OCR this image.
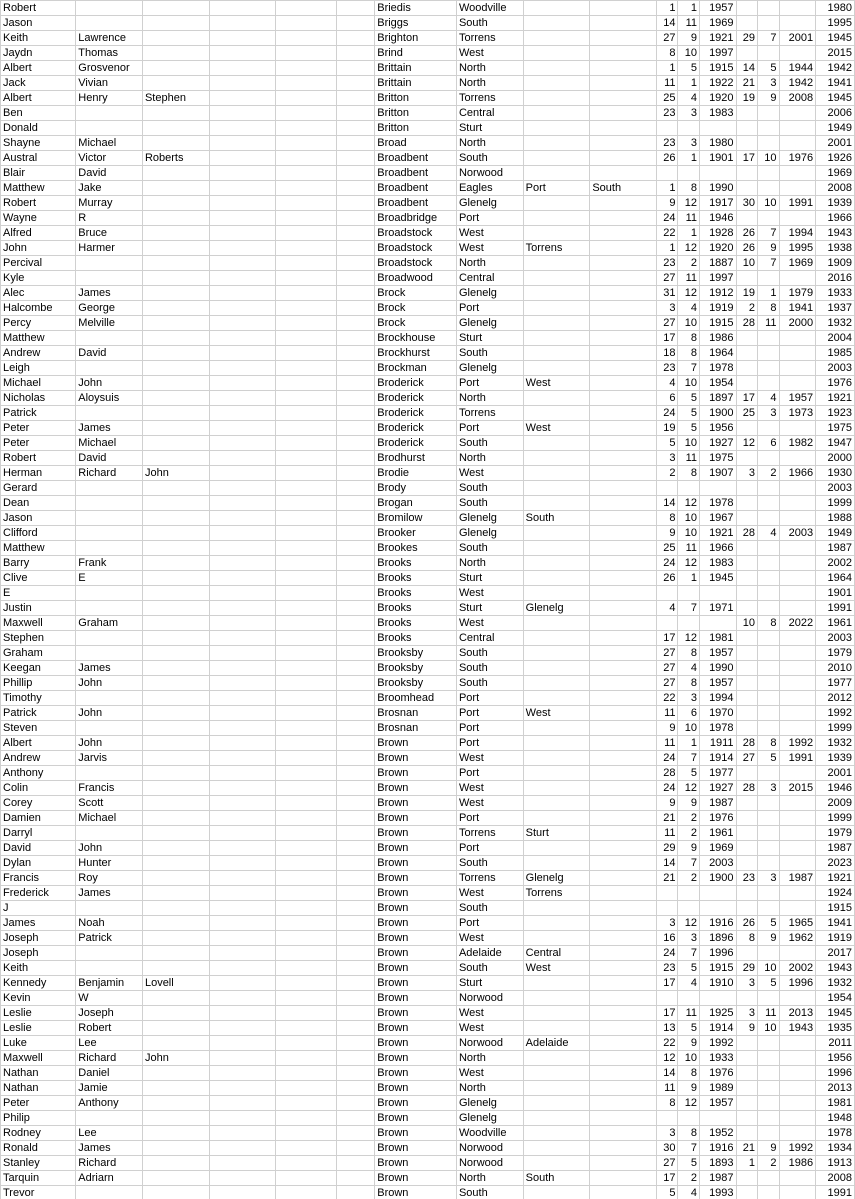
Robert						Briedis	Woodville			1	1	1957				1980
Jason						Briggs	South			14	11	1969				1995
Keith	Lawrence					Brighton	Torrens			27	9	1921	29	7	2001	1945
Jaydn	Thomas					Brind	West			8	10	1997				2015
Albert	Grosvenor					Brittain	North			1	5	1915	14	5	1944	1942
Jack	Vivian					Brittain	North			11	1	1922	21	3	1942	1941
Albert	Henry	Stephen				Britton	Torrens			25	4	1920	19	9	2008	1945
Ben						Britton	Central			23	3	1983				2006
Donald						Britton	Sturt									1949
Shayne	Michael					Broad	North			23	3	1980				2001
Austral	Victor	Roberts				Broadbent	South			26	1	1901	17	10	1976	1926
Blair	David					Broadbent	Norwood									1969
Matthew	Jake					Broadbent	Eagles	Port	South	1	8	1990				2008
Robert	Murray					Broadbent	Glenelg			9	12	1917	30	10	1991	1939
Wayne	R					Broadbridge	Port			24	11	1946				1966
Alfred	Bruce					Broadstock	West			22	1	1928	26	7	1994	1943
John	Harmer					Broadstock	West	Torrens		1	12	1920	26	9	1995	1938
Percival						Broadstock	North			23	2	1887	10	7	1969	1909
Kyle						Broadwood	Central			27	11	1997				2016
Alec	James					Brock	Glenelg			31	12	1912	19	1	1979	1933
Halcombe	George					Brock	Port			3	4	1919	2	8	1941	1937
Percy	Melville					Brock	Glenelg			27	10	1915	28	11	2000	1932
Matthew						Brockhouse	Sturt			17	8	1986				2004
Andrew	David					Brockhurst	South			18	8	1964				1985
Leigh						Brockman	Glenelg			23	7	1978				2003
Michael	John					Broderick	Port	West		4	10	1954				1976
Nicholas	Aloysuis					Broderick	North			6	5	1897	17	4	1957	1921
Patrick						Broderick	Torrens			24	5	1900	25	3	1973	1923
Peter	James					Broderick	Port	West		19	5	1956				1975
Peter	Michael					Broderick	South			5	10	1927	12	6	1982	1947
Robert	David					Brodhurst	North			3	11	1975				2000
Herman	Richard	John				Brodie	West			2	8	1907	3	2	1966	1930
Gerard						Brody	South									2003
Dean						Brogan	South			14	12	1978				1999
Jason						Bromilow	Glenelg	South		8	10	1967				1988
Clifford						Brooker	Glenelg			9	10	1921	28	4	2003	1949
Matthew						Brookes	South			25	11	1966				1987
Barry	Frank					Brooks	North			24	12	1983				2002
Clive	E					Brooks	Sturt			26	1	1945				1964
E						Brooks	West									1901
Justin						Brooks	Sturt	Glenelg		4	7	1971				1991
Maxwell	Graham					Brooks	West						10	8	2022	1961
Stephen						Brooks	Central			17	12	1981				2003
Graham						Brooksby	South			27	8	1957				1979
Keegan	James					Brooksby	South			27	4	1990				2010
Phillip	John					Brooksby	South			27	8	1957				1977
Timothy						Broomhead	Port			22	3	1994				2012
Patrick	John					Brosnan	Port	West		11	6	1970				1992
Steven						Brosnan	Port			9	10	1978				1999
Albert	John					Brown	Port			11	1	1911	28	8	1992	1932
Andrew	Jarvis					Brown	West			24	7	1914	27	5	1991	1939
Anthony						Brown	Port			28	5	1977				2001
Colin	Francis					Brown	West			24	12	1927	28	3	2015	1946
Corey	Scott					Brown	West			9	9	1987				2009
Damien	Michael					Brown	Port			21	2	1976				1999
Darryl						Brown	Torrens	Sturt		11	2	1961				1979
David	John					Brown	Port			29	9	1969				1987
Dylan	Hunter					Brown	South			14	7	2003				2023
Francis	Roy					Brown	Torrens	Glenelg		21	2	1900	23	3	1987	1921
Frederick	James					Brown	West	Torrens								1924
J						Brown	South									1915
James	Noah					Brown	Port			3	12	1916	26	5	1965	1941
Joseph	Patrick					Brown	West			16	3	1896	8	9	1962	1919
Joseph						Brown	Adelaide	Central		24	7	1996				2017
Keith						Brown	South	West		23	5	1915	29	10	2002	1943
Kennedy	Benjamin	Lovell				Brown	Sturt			17	4	1910	3	5	1996	1932
Kevin	W					Brown	Norwood									1954
Leslie	Joseph					Brown	West			17	11	1925	3	11	2013	1945
Leslie	Robert					Brown	West			13	5	1914	9	10	1943	1935
Luke	Lee					Brown	Norwood	Adelaide		22	9	1992				2011
Maxwell	Richard	John				Brown	North			12	10	1933				1956
Nathan	Daniel					Brown	West			14	8	1976				1996
Nathan	Jamie					Brown	North			11	9	1989				2013
Peter	Anthony					Brown	Glenelg			8	12	1957				1981
Philip						Brown	Glenelg									1948
Rodney	Lee					Brown	Woodville			3	8	1952				1978
Ronald	James					Brown	Norwood			30	7	1916	21	9	1992	1934
Stanley	Richard					Brown	Norwood			27	5	1893	1	2	1986	1913
Tarquin	Adriarn					Brown	North	South		17	2	1987				2008
Trevor						Brown	South			5	4	1993				1991
